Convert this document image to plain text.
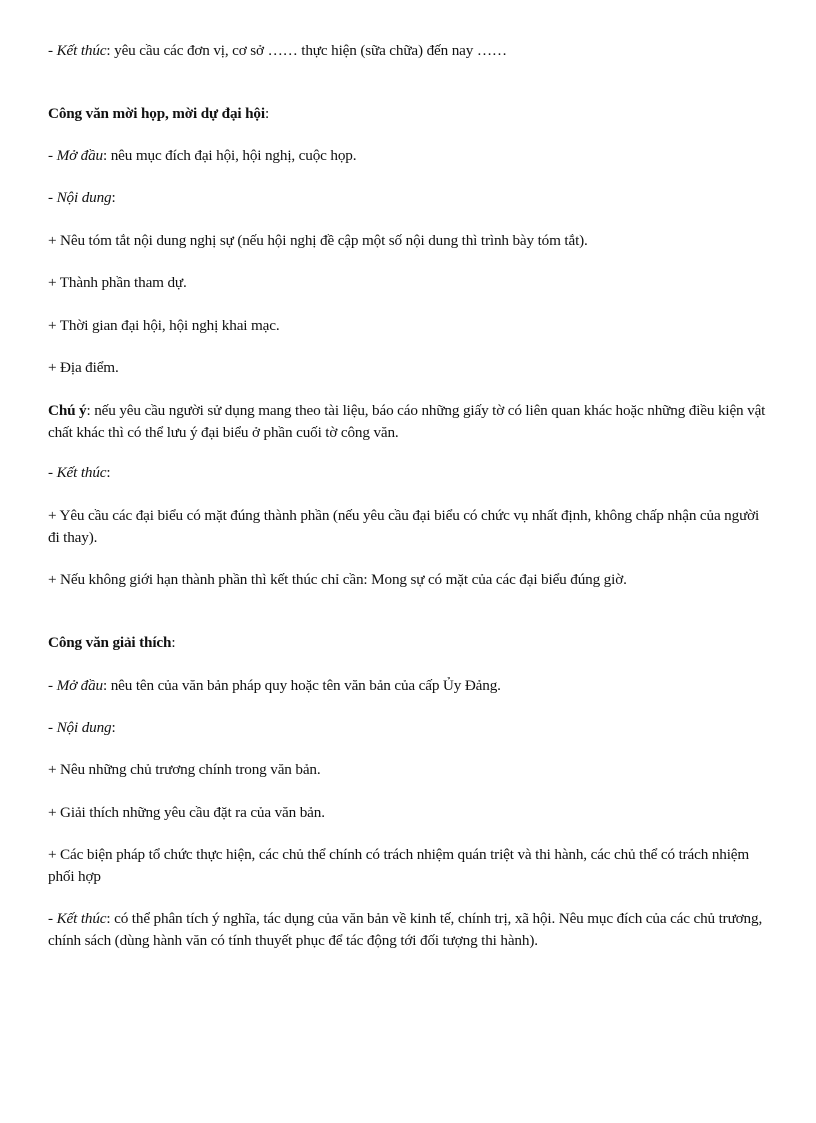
- Kết thúc: yêu cầu các đơn vị, cơ sở …… thực hiện (sữa chữa) đến nay ……

Công văn mời họp, mời dự đại hội:

- Mở đầu: nêu mục đích đại hội, hội nghị, cuộc họp.

- Nội dung:

+ Nêu tóm tắt nội dung nghị sự (nếu hội nghị đề cập một số nội dung thì trình bày tóm tắt).

+ Thành phần tham dự.

+ Thời gian đại hội, hội nghị khai mạc.

+ Địa điểm.

Chú ý: nếu yêu cầu người sử dụng mang theo tài liệu, báo cáo những giấy tờ có liên quan khác hoặc những điều kiện vật chất khác thì có thể lưu ý đại biểu ở phần cuối tờ công văn.

- Kết thúc:

+ Yêu cầu các đại biểu có mặt đúng thành phần (nếu yêu cầu đại biểu có chức vụ nhất định, không chấp nhận của người đi thay).

+ Nếu không giới hạn thành phần thì kết thúc chỉ cần: Mong sự có mặt của các đại biểu đúng giờ.

Công văn giải thích:

- Mở đầu: nêu tên của văn bản pháp quy hoặc tên văn bản của cấp Ủy Đảng.

- Nội dung:

+ Nêu những chủ trương chính trong văn bản.

+ Giải thích những yêu cầu đặt ra của văn bản.

+ Các biện pháp tổ chức thực hiện, các chủ thể chính có trách nhiệm quán triệt và thi hành, các chủ thể có trách nhiệm phối hợp

- Kết thúc: có thể phân tích ý nghĩa, tác dụng của văn bản về kinh tế, chính trị, xã hội. Nêu mục đích của các chủ trương, chính sách (dùng hành văn có tính thuyết phục để tác động tới đối tượng thi hành).
